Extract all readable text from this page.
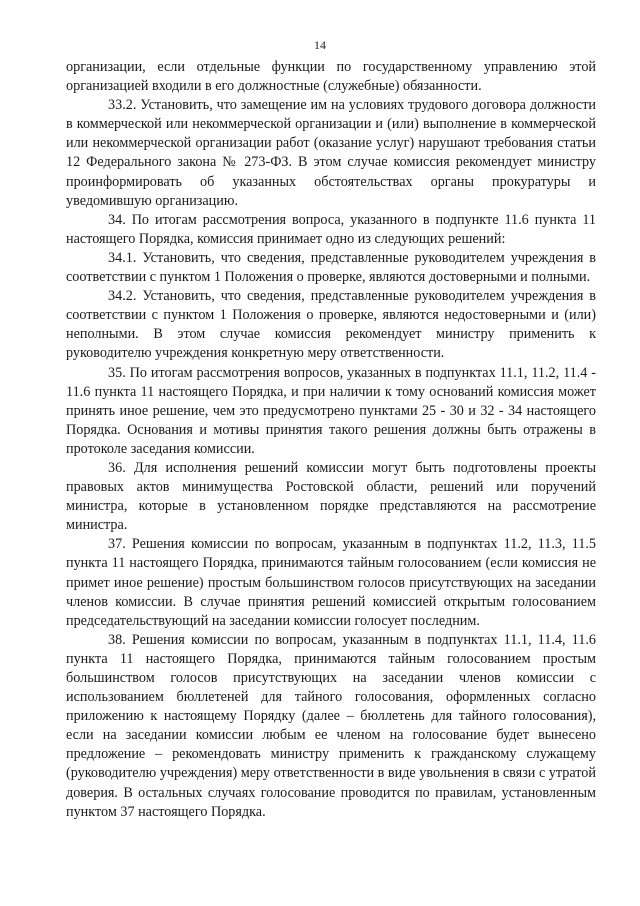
14

организации, если отдельные функции по государственному управлению этой организацией входили в его должностные (служебные) обязанности.

33.2. Установить, что замещение им на условиях трудового договора должности в коммерческой или некоммерческой организации и (или) выполнение в коммерческой или некоммерческой организации работ (оказание услуг) нарушают требования статьи 12 Федерального закона № 273-ФЗ. В этом случае комиссия рекомендует министру проинформировать об указанных обстоятельствах органы прокуратуры и уведомившую организацию.

34. По итогам рассмотрения вопроса, указанного в подпункте 11.6 пункта 11 настоящего Порядка, комиссия принимает одно из следующих решений:

34.1. Установить, что сведения, представленные руководителем учреждения в соответствии с пунктом 1 Положения о проверке, являются достоверными и полными.

34.2. Установить, что сведения, представленные руководителем учреждения в соответствии с пунктом 1 Положения о проверке, являются недостоверными и (или) неполными. В этом случае комиссия рекомендует министру применить к руководителю учреждения конкретную меру ответственности.

35. По итогам рассмотрения вопросов, указанных в подпунктах 11.1, 11.2, 11.4 - 11.6 пункта 11 настоящего Порядка, и при наличии к тому оснований комиссия может принять иное решение, чем это предусмотрено пунктами 25 - 30 и 32 - 34 настоящего Порядка. Основания и мотивы принятия такого решения должны быть отражены в протоколе заседания комиссии.

36. Для исполнения решений комиссии могут быть подготовлены проекты правовых актов минимущества Ростовской области, решений или поручений министра, которые в установленном порядке представляются на рассмотрение министра.

37. Решения комиссии по вопросам, указанным в подпунктах 11.2, 11.3, 11.5 пункта 11 настоящего Порядка, принимаются тайным голосованием (если комиссия не примет иное решение) простым большинством голосов присутствующих на заседании членов комиссии. В случае принятия решений комиссией открытым голосованием председательствующий на заседании комиссии голосует последним.

38. Решения комиссии по вопросам, указанным в подпунктах 11.1, 11.4, 11.6 пункта 11 настоящего Порядка, принимаются тайным голосованием простым большинством голосов присутствующих на заседании членов комиссии с использованием бюллетеней для тайного голосования, оформленных согласно приложению к настоящему Порядку (далее – бюллетень для тайного голосования), если на заседании комиссии любым ее членом на голосование будет вынесено предложение – рекомендовать министру применить к гражданскому служащему (руководителю учреждения) меру ответственности в виде увольнения в связи с утратой доверия. В остальных случаях голосование проводится по правилам, установленным пунктом 37 настоящего Порядка.
